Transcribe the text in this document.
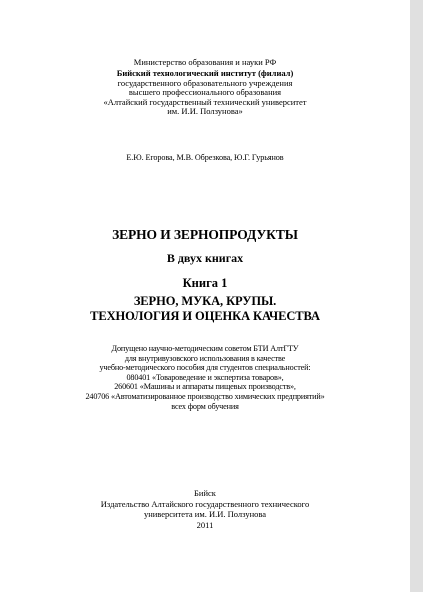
Министерство образования и науки РФ
Бийский технологический институт (филиал)
государственного образовательного учреждения
высшего профессионального образования
«Алтайский государственный технический университет
им. И.И. Ползунова»
Е.Ю. Егорова, М.В. Обрезкова, Ю.Г. Гурьянов
ЗЕРНО И ЗЕРНОПРОДУКТЫ
В двух книгах
Книга 1
ЗЕРНО, МУКА, КРУПЫ.
ТЕХНОЛОГИЯ И ОЦЕНКА КАЧЕСТВА
Допущено научно-методическим советом БТИ АлтГТУ
для внутривузовского использования в качестве
учебно-методического пособия для студентов специальностей:
080401 «Товароведение и экспертиза товаров»,
260601 «Машины и аппараты пищевых производств»,
240706 «Автоматизированное производство химических предприятий»
всех форм обучения
Бийск
Издательство Алтайского государственного технического
университета им. И.И. Ползунова
2011
